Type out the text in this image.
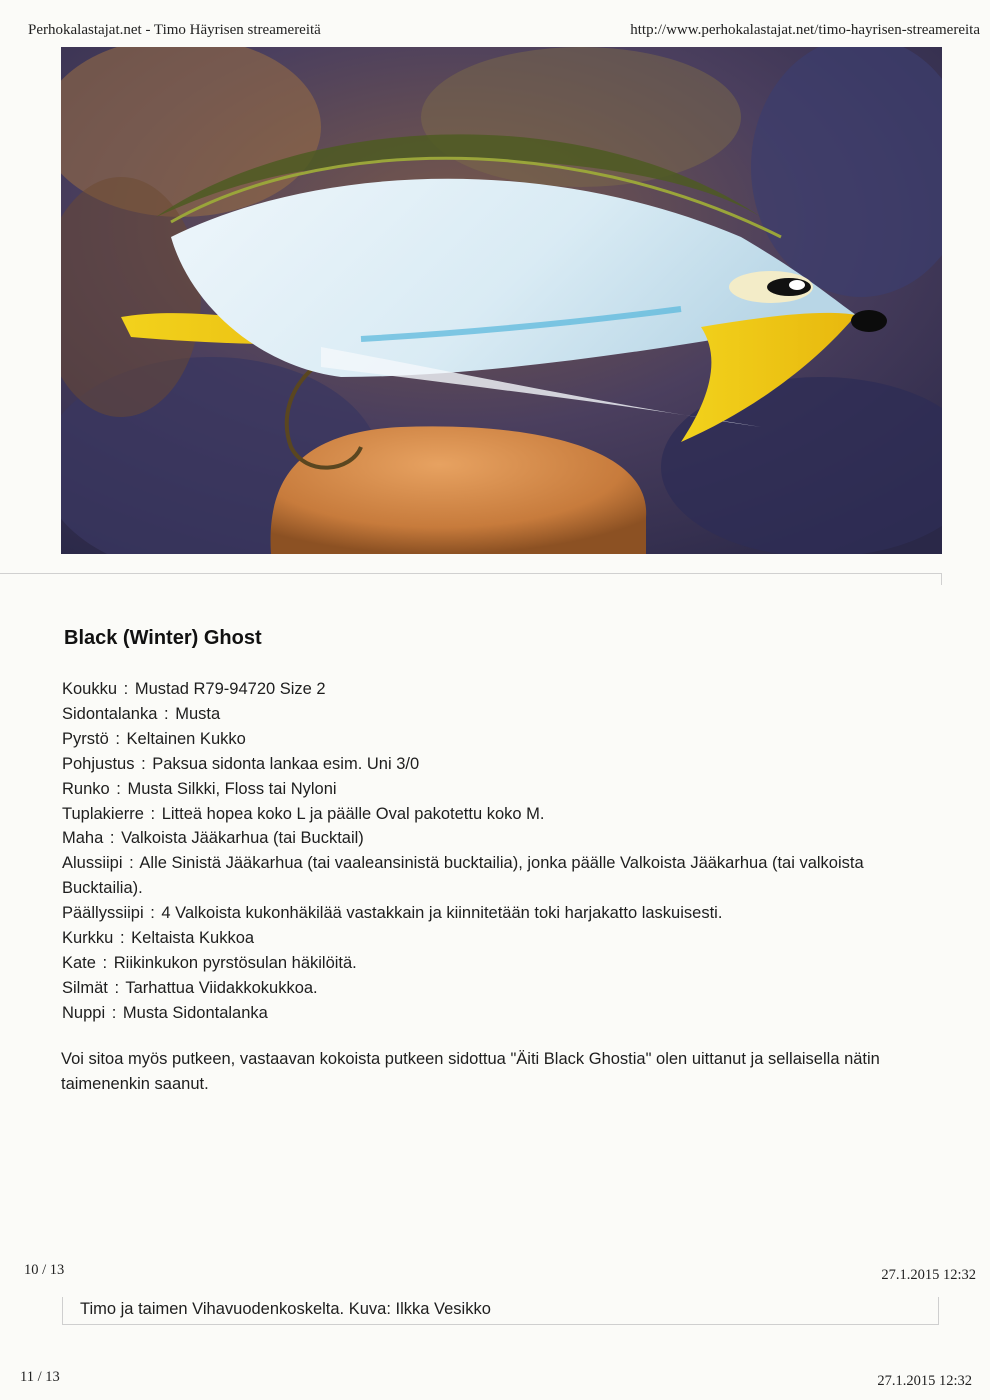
Perhokalastajat.net - Timo Häyrisen streamereitä	http://www.perhokalastajat.net/timo-hayrisen-streamereita
Black (Winter) Ghost
Koukku : Mustad R79-94720 Size 2
Sidontalanka : Musta
Pyrstö : Keltainen Kukko
Pohjustus : Paksua sidonta lankaa esim. Uni 3/0
Runko : Musta Silkki, Floss tai Nyloni
Tuplakierre : Litteä hopea koko L ja päälle Oval pakotettu koko M.
Maha : Valkoista Jääkarhua (tai Bucktail)
Alussiipi : Alle Sinistä Jääkarhua (tai vaaleansinistä bucktailia), jonka päälle Valkoista Jääkarhua (tai valkoista Bucktailia).
Päällyssiipi : 4 Valkoista kukonhäkilää vastakkain ja kiinnitetään toki harjakatto laskuisesti.
Kurkku : Keltaista Kukkoa
Kate : Riikinkukon pyrstösulan häkilöitä.
Silmät : Tarhattua Viidakkokukkoa.
Nuppi : Musta Sidontalanka
Voi sitoa myös putkeen, vastaavan kokoista putkeen sidottua "Äiti Black Ghostia" olen uittanut ja sellaisella nätin taimenenkin saanut.
10 / 13	27.1.2015 12:32
Timo ja taimen Vihavuodenkoskelta. Kuva: Ilkka Vesikko
11 / 13	27.1.2015 12:32
